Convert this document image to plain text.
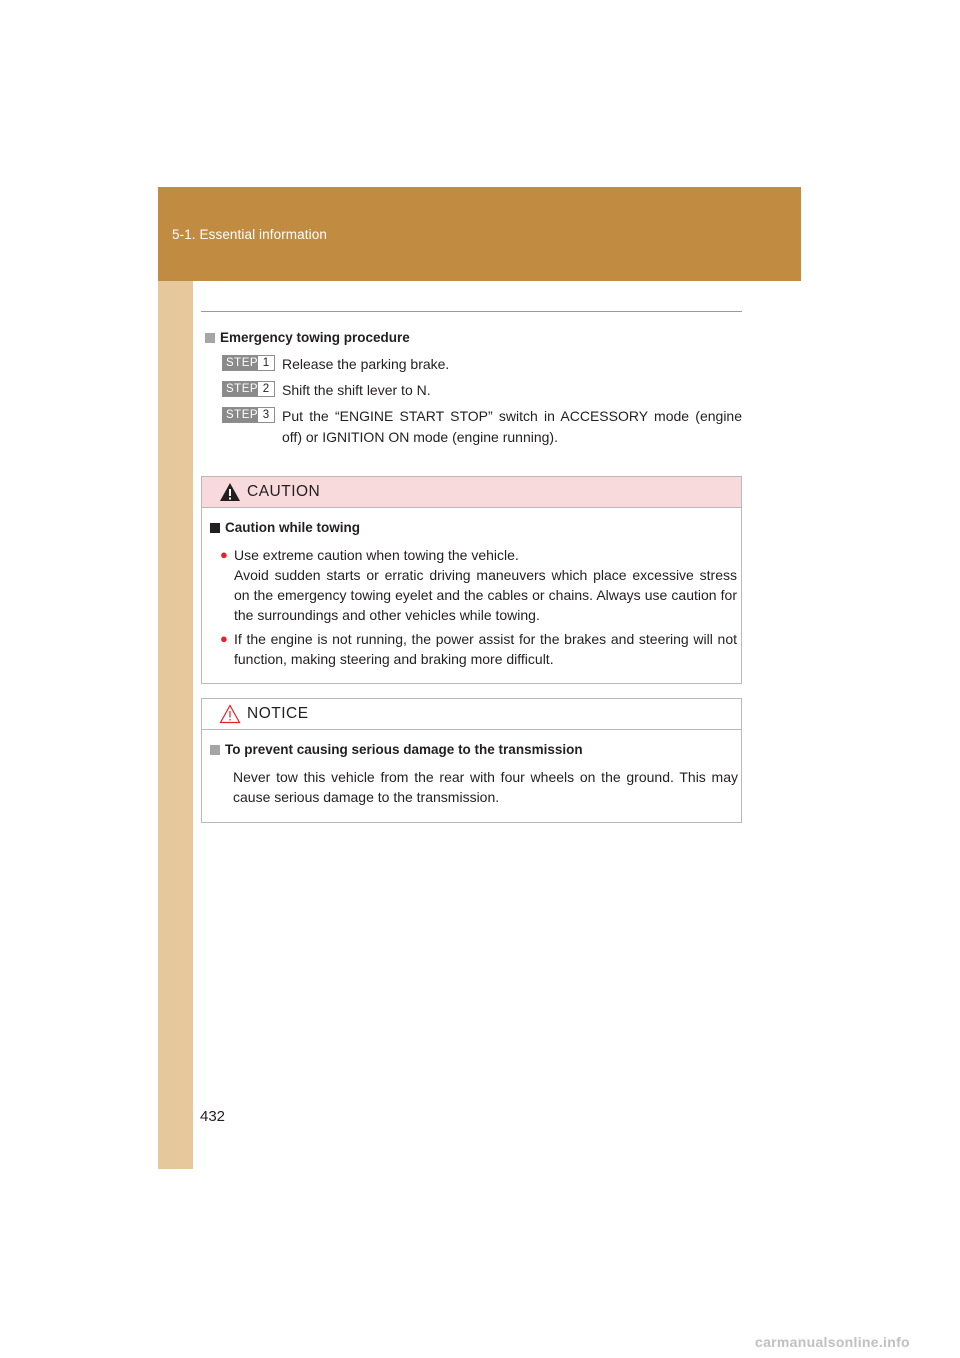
5-1. Essential information
432
Emergency towing procedure
STEP 1 Release the parking brake.
STEP 2 Shift the shift lever to N.
STEP 3 Put the “ENGINE START STOP” switch in ACCESSORY mode (engine off) or IGNITION ON mode (engine running).
CAUTION
Caution while towing
● Use extreme caution when towing the vehicle.
Avoid sudden starts or erratic driving maneuvers which place excessive stress on the emergency towing eyelet and the cables or chains. Always use caution for the surroundings and other vehicles while towing.
● If the engine is not running, the power assist for the brakes and steering will not function, making steering and braking more difficult.
NOTICE
To prevent causing serious damage to the transmission
Never tow this vehicle from the rear with four wheels on the ground. This may cause serious damage to the transmission.
carmanualsonline.info
